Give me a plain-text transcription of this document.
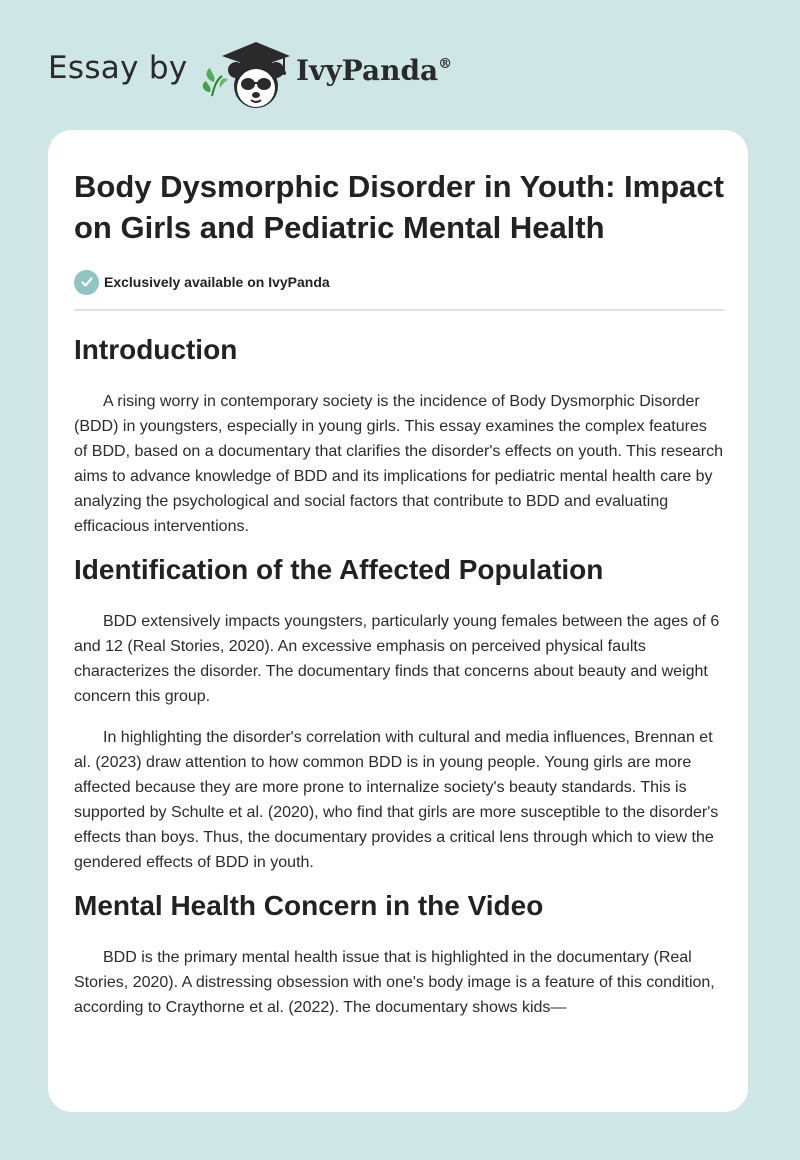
Essay by	IvyPanda®
Body Dysmorphic Disorder in Youth: Impact on Girls and Pediatric Mental Health
Exclusively available on IvyPanda
Introduction

A rising worry in contemporary society is the incidence of Body Dysmorphic Disorder (BDD) in youngsters, especially in young girls. This essay examines the complex features of BDD, based on a documentary that clarifies the disorder's effects on youth. This research aims to advance knowledge of BDD and its implications for pediatric mental health care by analyzing the psychological and social factors that contribute to BDD and evaluating efficacious interventions.

Identification of the Affected Population

BDD extensively impacts youngsters, particularly young females between the ages of 6 and 12 (Real Stories, 2020). An excessive emphasis on perceived physical faults characterizes the disorder. The documentary finds that concerns about beauty and weight concern this group.

In highlighting the disorder's correlation with cultural and media influences, Brennan et al. (2023) draw attention to how common BDD is in young people. Young girls are more affected because they are more prone to internalize society's beauty standards. This is supported by Schulte et al. (2020), who find that girls are more susceptible to the disorder's effects than boys. Thus, the documentary provides a critical lens through which to view the gendered effects of BDD in youth.

Mental Health Concern in the Video

BDD is the primary mental health issue that is highlighted in the documentary (Real Stories, 2020). A distressing obsession with one's body image is a feature of this condition, according to Craythorne et al. (2022). The documentary shows kids—
